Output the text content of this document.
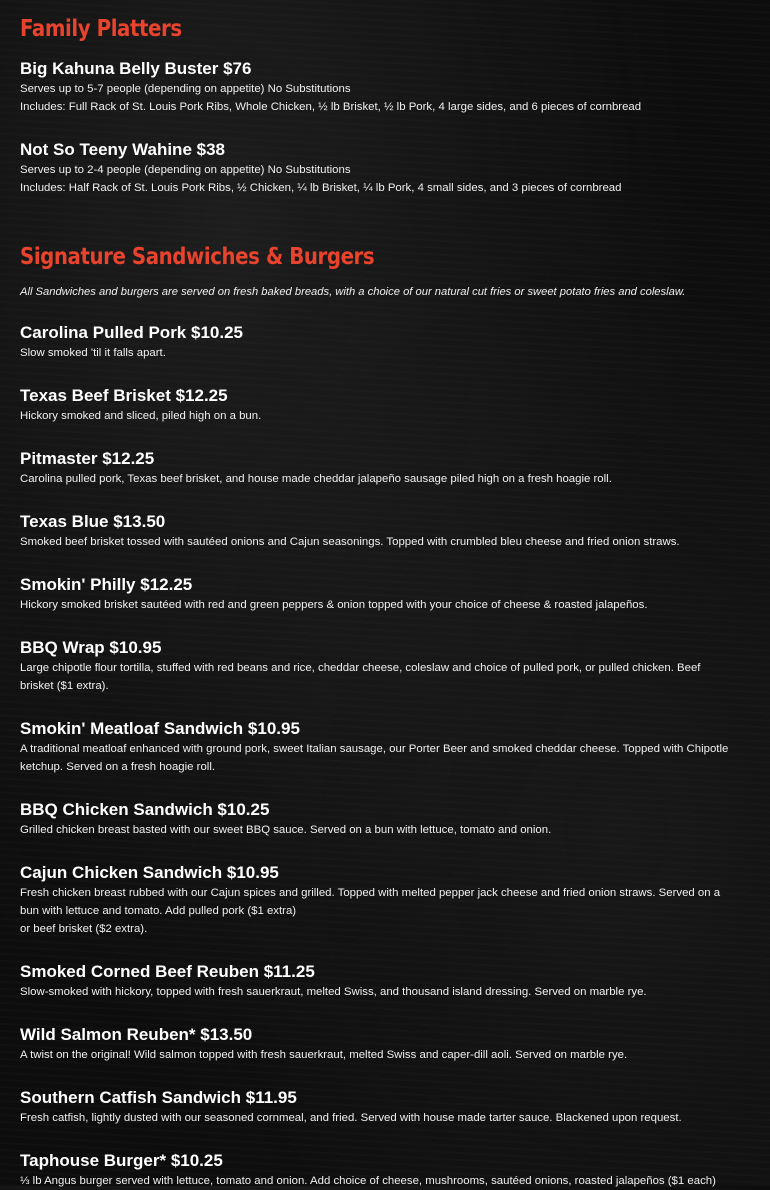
Family Platters

Big Kahuna Belly Buster $76

Serves up to 5-7 people (depending on appetite) No Substitutions

Includes: Full Rack of St. Louis Pork Ribs, Whole Chicken, ½ lb Brisket, ½ lb Pork, 4 large sides, and 6 pieces of cornbread

Not So Teeny Wahine $38

Serves up to 2-4 people (depending on appetite) No Substitutions

Includes: Half Rack of St. Louis Pork Ribs, ½ Chicken, ¼ lb Brisket, ¼ lb Pork, 4 small sides, and 3 pieces of cornbread

Signature Sandwiches & Burgers

All Sandwiches and burgers are served on fresh baked breads, with a choice of our natural cut fries or sweet potato fries and coleslaw.

Carolina Pulled Pork $10.25

Slow smoked 'til it falls apart.

Texas Beef Brisket $12.25

Hickory smoked and sliced, piled high on a bun.

Pitmaster $12.25

Carolina pulled pork, Texas beef brisket, and house made cheddar jalapeño sausage piled high on a fresh hoagie roll.

Texas Blue $13.50

Smoked beef brisket tossed with sautéed onions and Cajun seasonings. Topped with crumbled bleu cheese and fried onion straws.

Smokin' Philly $12.25

Hickory smoked brisket sautéed with red and green peppers & onion topped with your choice of cheese & roasted jalapeños.

BBQ Wrap $10.95

Large chipotle flour tortilla, stuffed with red beans and rice, cheddar cheese, coleslaw and choice of pulled pork, or pulled chicken. Beef

brisket ($1 extra).

Smokin' Meatloaf Sandwich $10.95

A traditional meatloaf enhanced with ground pork, sweet Italian sausage, our Porter Beer and smoked cheddar cheese. Topped with Chipotle

ketchup. Served on a fresh hoagie roll.

BBQ Chicken Sandwich $10.25

Grilled chicken breast basted with our sweet BBQ sauce. Served on a bun with lettuce, tomato and onion.

Cajun Chicken Sandwich $10.95

Fresh chicken breast rubbed with our Cajun spices and grilled. Topped with melted pepper jack cheese and fried onion straws. Served on a

bun with lettuce and tomato. Add pulled pork ($1 extra)

or beef brisket ($2 extra).

Smoked Corned Beef Reuben $11.25

Slow-smoked with hickory, topped with fresh sauerkraut, melted Swiss, and thousand island dressing. Served on marble rye.

Wild Salmon Reuben* $13.50

A twist on the original! Wild salmon topped with fresh sauerkraut, melted Swiss and caper-dill aoli. Served on marble rye.

Southern Catfish Sandwich $11.95

Fresh catfish, lightly dusted with our seasoned cornmeal, and fried. Served with house made tarter sauce. Blackened upon request.

Taphouse Burger* $10.25

⅓ lb Angus burger served with lettuce, tomato and onion. Add choice of cheese, mushrooms, sautéed onions, roasted jalapeños ($1 each)
